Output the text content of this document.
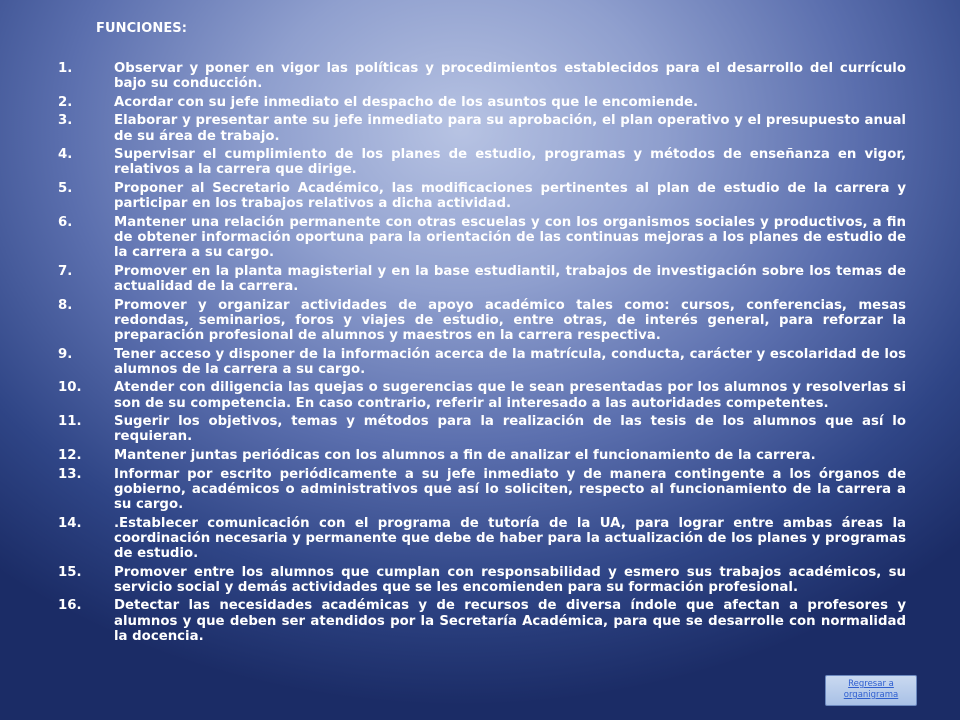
FUNCIONES:
1.	Observar y poner en vigor las políticas y procedimientos establecidos para el desarrollo del currículo bajo su conducción.
2.	Acordar con su jefe inmediato el despacho de los asuntos que le encomiende.
3.	Elaborar y presentar ante su jefe inmediato para su aprobación, el plan operativo y el presupuesto anual de su área de trabajo.
4.	Supervisar el cumplimiento de los planes de estudio, programas y métodos de enseñanza en vigor, relativos a la carrera que dirige.
5.	Proponer al Secretario Académico, las modificaciones pertinentes al plan de estudio de la carrera y participar en los trabajos relativos a dicha actividad.
6.	Mantener una relación permanente con otras escuelas y con los organismos sociales y productivos, a fin de obtener información oportuna para la orientación de las continuas mejoras a los planes de estudio de la carrera a su cargo.
7.	Promover en la planta magisterial y en la base estudiantil, trabajos de investigación sobre los temas de actualidad de la carrera.
8.	Promover y organizar actividades de apoyo académico tales como: cursos, conferencias, mesas redondas, seminarios, foros y viajes de estudio, entre otras, de interés general, para reforzar la preparación profesional de alumnos y maestros en la carrera respectiva.
9.	Tener acceso y disponer de la información acerca de la matrícula, conducta, carácter y escolaridad de los alumnos de la carrera a su cargo.
10.	Atender con diligencia las quejas o sugerencias que le sean presentadas por los alumnos y resolverlas si son de su competencia. En caso contrario, referir al interesado a las autoridades competentes.
11.	Sugerir los objetivos, temas y métodos para la realización de las tesis de los alumnos que así lo requieran.
12.	Mantener juntas periódicas con los alumnos a fin de analizar el funcionamiento de la carrera.
13.	Informar por escrito periódicamente a su jefe inmediato y de manera contingente a los órganos de gobierno, académicos o administrativos que así lo soliciten, respecto al funcionamiento de la carrera a su cargo.
14.	.Establecer comunicación con el programa de tutoría de la UA, para lograr entre ambas áreas la coordinación necesaria y permanente que debe de haber para la actualización de los planes y programas de estudio.
15.	Promover entre los alumnos que cumplan con responsabilidad y esmero sus trabajos académicos, su servicio social y demás actividades que se les encomienden para su formación profesional.
16.	Detectar las necesidades académicas y de recursos de diversa índole que afectan a profesores y alumnos y que deben ser atendidos por la Secretaría Académica, para que se desarrolle con normalidad la docencia.
Regresar a
organigrama
